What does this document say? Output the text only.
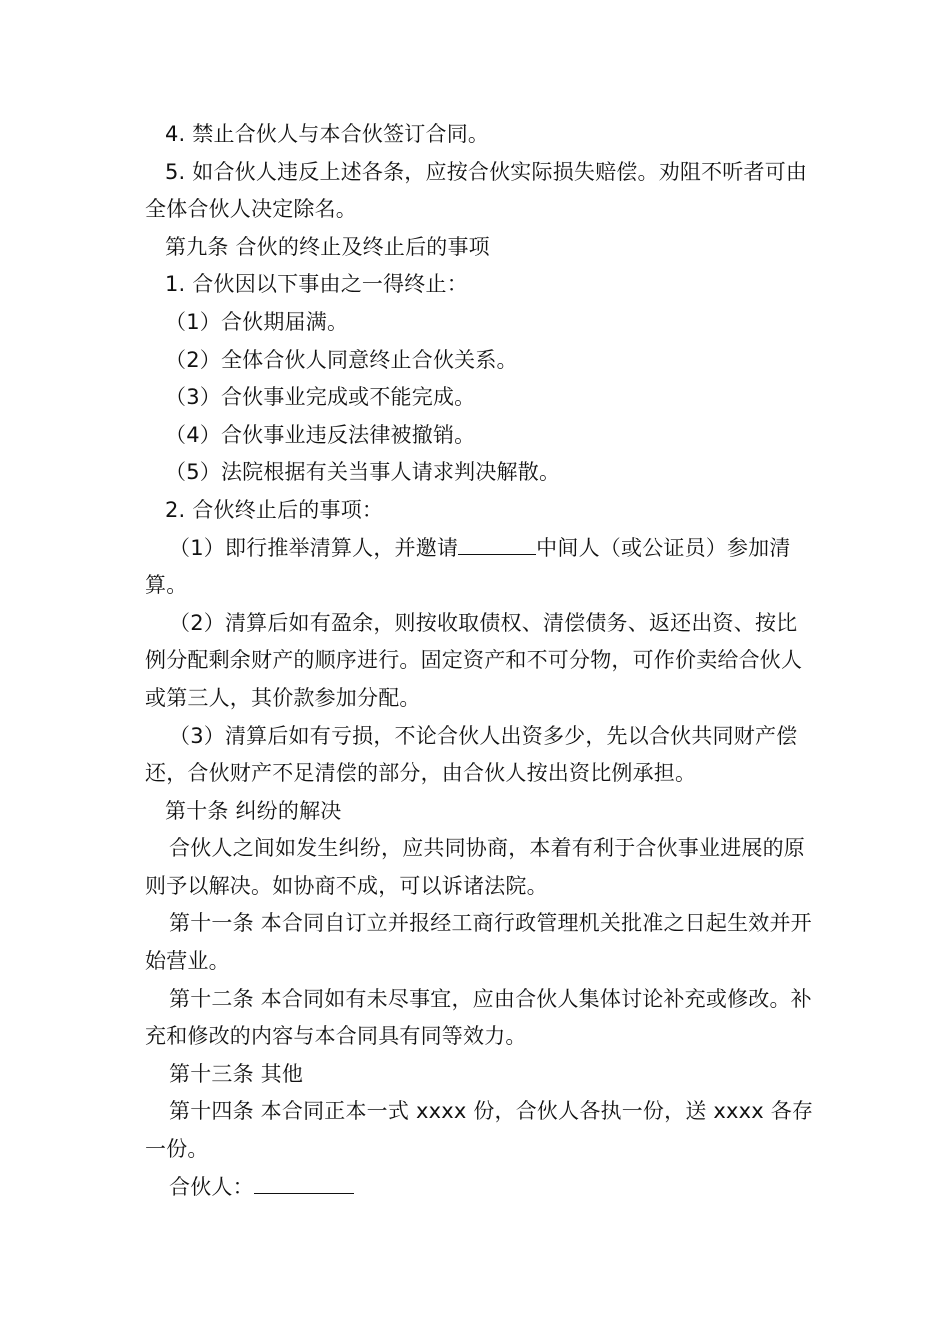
4. 禁止合伙人与本合伙签订合同。

5. 如合伙人违反上述各条，应按合伙实际损失赔偿。劝阻不听者可由全体合伙人决定除名。

第九条 合伙的终止及终止后的事项

1. 合伙因以下事由之一得终止：

（1）合伙期届满。

（2）全体合伙人同意终止合伙关系。

（3）合伙事业完成或不能完成。

（4）合伙事业违反法律被撤销。

（5）法院根据有关当事人请求判决解散。

2. 合伙终止后的事项：

（1）即行推举清算人，并邀请	中间人（或公证员）参加清算。

（2）清算后如有盈余，则按收取债权、清偿债务、返还出资、按比例分配剩余财产的顺序进行。固定资产和不可分物，可作价卖给合伙人或第三人，其价款参加分配。

（3）清算后如有亏损，不论合伙人出资多少，先以合伙共同财产偿还，合伙财产不足清偿的部分，由合伙人按出资比例承担。

第十条 纠纷的解决

合伙人之间如发生纠纷，应共同协商，本着有利于合伙事业进展的原则予以解决。如协商不成，可以诉诸法院。

第十一条 本合同自订立并报经工商行政管理机关批准之日起生效并开始营业。

第十二条 本合同如有未尽事宜，应由合伙人集体讨论补充或修改。补充和修改的内容与本合同具有同等效力。

第十三条 其他

第十四条 本合同正本一式 xxxx 份，合伙人各执一份，送 xxxx 各存一份。

合伙人：
